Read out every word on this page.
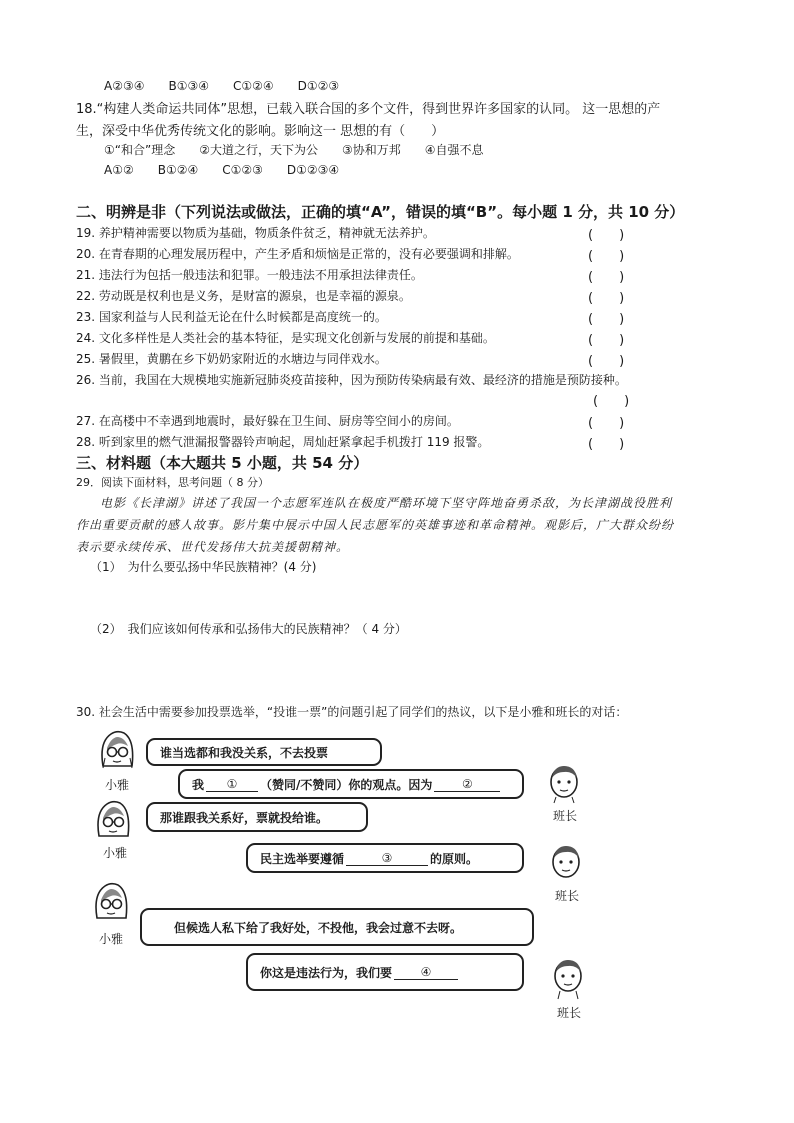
A②③④　　B①③④　　C①②④　　D①②③
18.“构建人类命运共同体”思想，已载入联合国的多个文件，得到世界许多国家的认同。 这一思想的产
生，深受中华优秀传统文化的影响。影响这一 思想的有（　　）
①“和合”理念　　②大道之行，天下为公　　③协和万邦　　④自强不息
A①②　　B①②④　　C①②③　　D①②③④
二、明辨是非（下列说法或做法，正确的填“A”，错误的填“B”。每小题 1 分，共 10 分）
19. 养护精神需要以物质为基础，物质条件贫乏，精神就无法养护。	(　　)
20. 在青春期的心理发展历程中，产生矛盾和烦恼是正常的，没有必要强调和排解。	(　　)
21. 违法行为包括一般违法和犯罪。一般违法不用承担法律责任。	(　　)
22. 劳动既是权利也是义务，是财富的源泉，也是幸福的源泉。	(　　)
23. 国家利益与人民利益无论在什么时候都是高度统一的。	(　　)
24. 文化多样性是人类社会的基本特征，是实现文化创新与发展的前提和基础。	(　　)
25. 暑假里，黄鹏在乡下奶奶家附近的水塘边与同伴戏水。	(　　)
26. 当前，我国在大规模地实施新冠肺炎疫苗接种，因为预防传染病最有效、最经济的措施是预防接种。
(　　)
27. 在高楼中不幸遇到地震时，最好躲在卫生间、厨房等空间小的房间。	(　　)
28. 听到家里的燃气泄漏报警器铃声响起，周灿赶紧拿起手机拨打 119 报警。	(　　)
三、材料题（本大题共 5 小题，共 54 分）
29．阅读下面材料，思考问题（ 8 分）
电影《长津湖》讲述了我国一个志愿军连队在极度严酷环境下坚守阵地奋勇杀敌，为长津湖战役胜利
作出重要贡献的感人故事。影片集中展示中国人民志愿军的英雄事迹和革命精神。观影后，广大群众纷纷
表示要永续传承、世代发扬伟大抗美援朝精神。
（1）　为什么要弘扬中华民族精神？(4 分)
（2）　我们应该如何传承和弘扬伟大的民族精神？（ 4 分）
30. 社会生活中需要参加投票选举，“投谁一票”的问题引起了同学们的热议，以下是小雅和班长的对话：
小雅
谁当选都和我没关系，不去投票
我	①	（赞同/不赞同）你的观点。因为	②
班长
小雅
那谁跟我关系好，票就投给谁。
民主选举要遵循	③	的原则。
班长
小雅
但候选人私下给了我好处，不投他，我会过意不去呀。
你这是违法行为，我们要	④
班长
